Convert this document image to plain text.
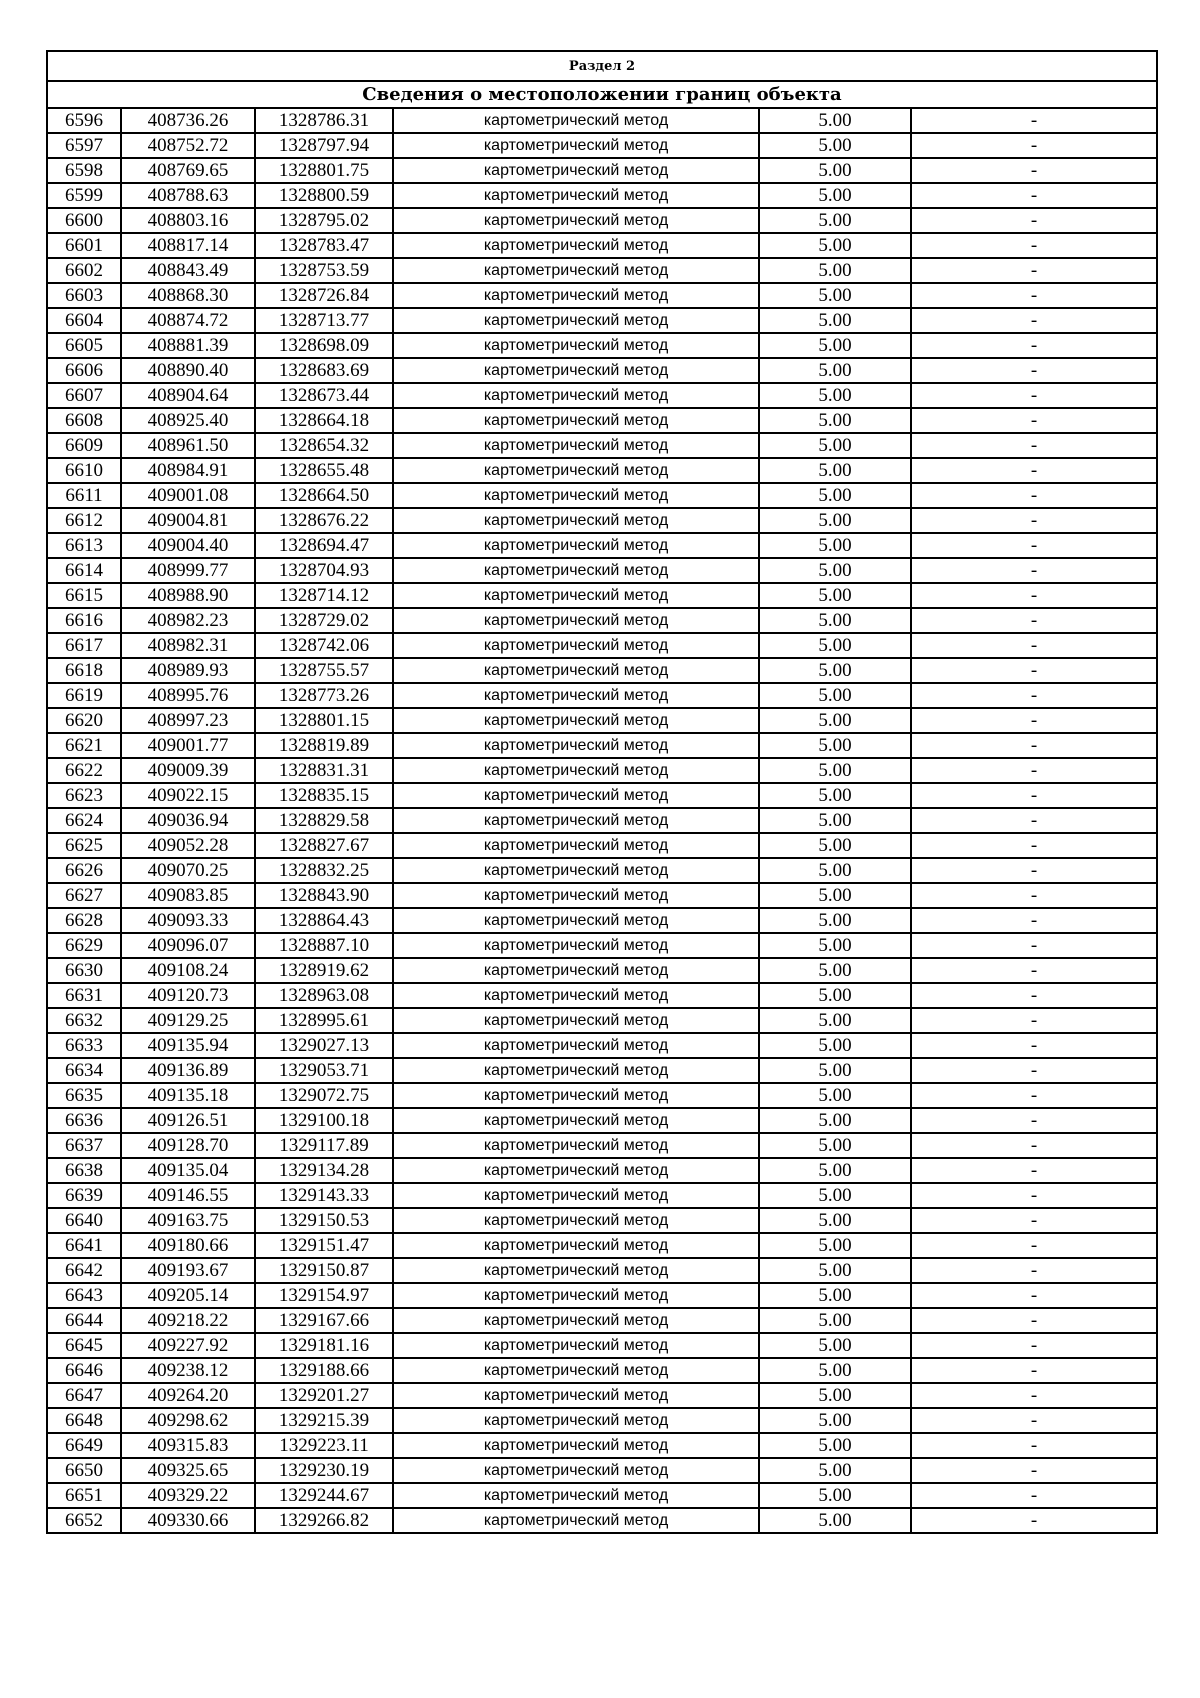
Раздел 2					
Сведения о местоположении границ объекта					
6596	408736.26	1328786.31	картометрический метод	5.00	-
6597	408752.72	1328797.94	картометрический метод	5.00	-
6598	408769.65	1328801.75	картометрический метод	5.00	-
6599	408788.63	1328800.59	картометрический метод	5.00	-
6600	408803.16	1328795.02	картометрический метод	5.00	-
6601	408817.14	1328783.47	картометрический метод	5.00	-
6602	408843.49	1328753.59	картометрический метод	5.00	-
6603	408868.30	1328726.84	картометрический метод	5.00	-
6604	408874.72	1328713.77	картометрический метод	5.00	-
6605	408881.39	1328698.09	картометрический метод	5.00	-
6606	408890.40	1328683.69	картометрический метод	5.00	-
6607	408904.64	1328673.44	картометрический метод	5.00	-
6608	408925.40	1328664.18	картометрический метод	5.00	-
6609	408961.50	1328654.32	картометрический метод	5.00	-
6610	408984.91	1328655.48	картометрический метод	5.00	-
6611	409001.08	1328664.50	картометрический метод	5.00	-
6612	409004.81	1328676.22	картометрический метод	5.00	-
6613	409004.40	1328694.47	картометрический метод	5.00	-
6614	408999.77	1328704.93	картометрический метод	5.00	-
6615	408988.90	1328714.12	картометрический метод	5.00	-
6616	408982.23	1328729.02	картометрический метод	5.00	-
6617	408982.31	1328742.06	картометрический метод	5.00	-
6618	408989.93	1328755.57	картометрический метод	5.00	-
6619	408995.76	1328773.26	картометрический метод	5.00	-
6620	408997.23	1328801.15	картометрический метод	5.00	-
6621	409001.77	1328819.89	картометрический метод	5.00	-
6622	409009.39	1328831.31	картометрический метод	5.00	-
6623	409022.15	1328835.15	картометрический метод	5.00	-
6624	409036.94	1328829.58	картометрический метод	5.00	-
6625	409052.28	1328827.67	картометрический метод	5.00	-
6626	409070.25	1328832.25	картометрический метод	5.00	-
6627	409083.85	1328843.90	картометрический метод	5.00	-
6628	409093.33	1328864.43	картометрический метод	5.00	-
6629	409096.07	1328887.10	картометрический метод	5.00	-
6630	409108.24	1328919.62	картометрический метод	5.00	-
6631	409120.73	1328963.08	картометрический метод	5.00	-
6632	409129.25	1328995.61	картометрический метод	5.00	-
6633	409135.94	1329027.13	картометрический метод	5.00	-
6634	409136.89	1329053.71	картометрический метод	5.00	-
6635	409135.18	1329072.75	картометрический метод	5.00	-
6636	409126.51	1329100.18	картометрический метод	5.00	-
6637	409128.70	1329117.89	картометрический метод	5.00	-
6638	409135.04	1329134.28	картометрический метод	5.00	-
6639	409146.55	1329143.33	картометрический метод	5.00	-
6640	409163.75	1329150.53	картометрический метод	5.00	-
6641	409180.66	1329151.47	картометрический метод	5.00	-
6642	409193.67	1329150.87	картометрический метод	5.00	-
6643	409205.14	1329154.97	картометрический метод	5.00	-
6644	409218.22	1329167.66	картометрический метод	5.00	-
6645	409227.92	1329181.16	картометрический метод	5.00	-
6646	409238.12	1329188.66	картометрический метод	5.00	-
6647	409264.20	1329201.27	картометрический метод	5.00	-
6648	409298.62	1329215.39	картометрический метод	5.00	-
6649	409315.83	1329223.11	картометрический метод	5.00	-
6650	409325.65	1329230.19	картометрический метод	5.00	-
6651	409329.22	1329244.67	картометрический метод	5.00	-
6652	409330.66	1329266.82	картометрический метод	5.00	-
